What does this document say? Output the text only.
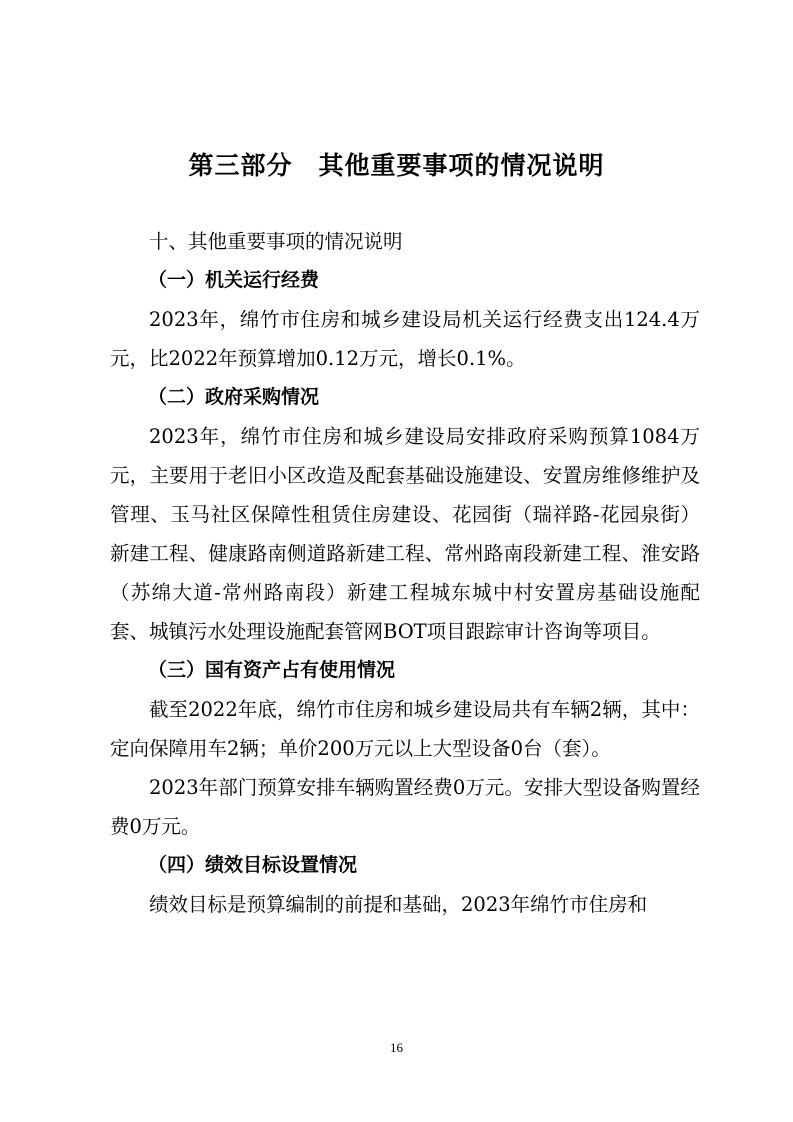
第三部分　其他重要事项的情况说明

十、其他重要事项的情况说明

（一）机关运行经费

2023年，绵竹市住房和城乡建设局机关运行经费支出124.4万元，比2022年预算增加0.12万元，增长0.1%。

（二）政府采购情况

2023年，绵竹市住房和城乡建设局安排政府采购预算1084万元，主要用于老旧小区改造及配套基础设施建设、安置房维修维护及管理、玉马社区保障性租赁住房建设、花园街（瑞祥路-花园泉街）新建工程、健康路南侧道路新建工程、常州路南段新建工程、淮安路（苏绵大道-常州路南段）新建工程城东城中村安置房基础设施配套、城镇污水处理设施配套管网BOT项目跟踪审计咨询等项目。

（三）国有资产占有使用情况

截至2022年底，绵竹市住房和城乡建设局共有车辆2辆，其中：定向保障用车2辆；单价200万元以上大型设备0台（套）。

2023年部门预算安排车辆购置经费0万元。安排大型设备购置经费0万元。

（四）绩效目标设置情况

绩效目标是预算编制的前提和基础，2023年绵竹市住房和

16
